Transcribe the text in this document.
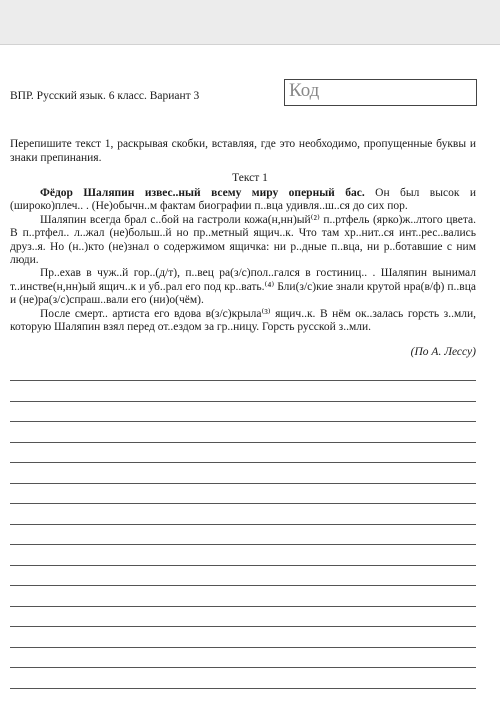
ВПР. Русский язык. 6 класс. Вариант 3	Код
Перепишите текст 1, раскрывая скобки, вставляя, где это необходимо, пропущенные буквы и знаки препинания.
Текст 1

Фёдор Шаляпин извес..ный всему миру оперный бас. Он был высок и (широко)плеч.. . (Не)обычн..м фактам биографии п..вца удивля..ш..ся до сих пор.

Шаляпин всегда брал с..бой на гастроли кожа(н,нн)ый⁽²⁾ п..ртфель (ярко)ж..лтого цвета. В п..ртфел.. л..жал (не)больш..й но пр..метный ящич..к. Что там хр..нит..ся инт..рес..вались друз..я. Но (н..)кто (не)знал о содержимом ящичка: ни р..дные п..вца, ни р..ботавшие с ним люди.

Пр..ехав в чуж..й гор..(д/т), п..вец ра(з/с)пол..гался в гостиниц.. . Шаляпин вынимал т..инстве(н,нн)ый ящич..к и уб..рал его под кр..вать.⁽⁴⁾ Бли(з/с)кие знали крутой нра(в/ф) п..вца и (не)ра(з/с)спраш..вали его (ни)о(чём).

После смерт.. артиста его вдова в(з/с)крыла⁽³⁾ ящич..к. В нём ок..залась горсть з..мли, которую Шаляпин взял перед от..ездом за гр..ницу. Горсть русской з..мли.

(По А. Лессу)
